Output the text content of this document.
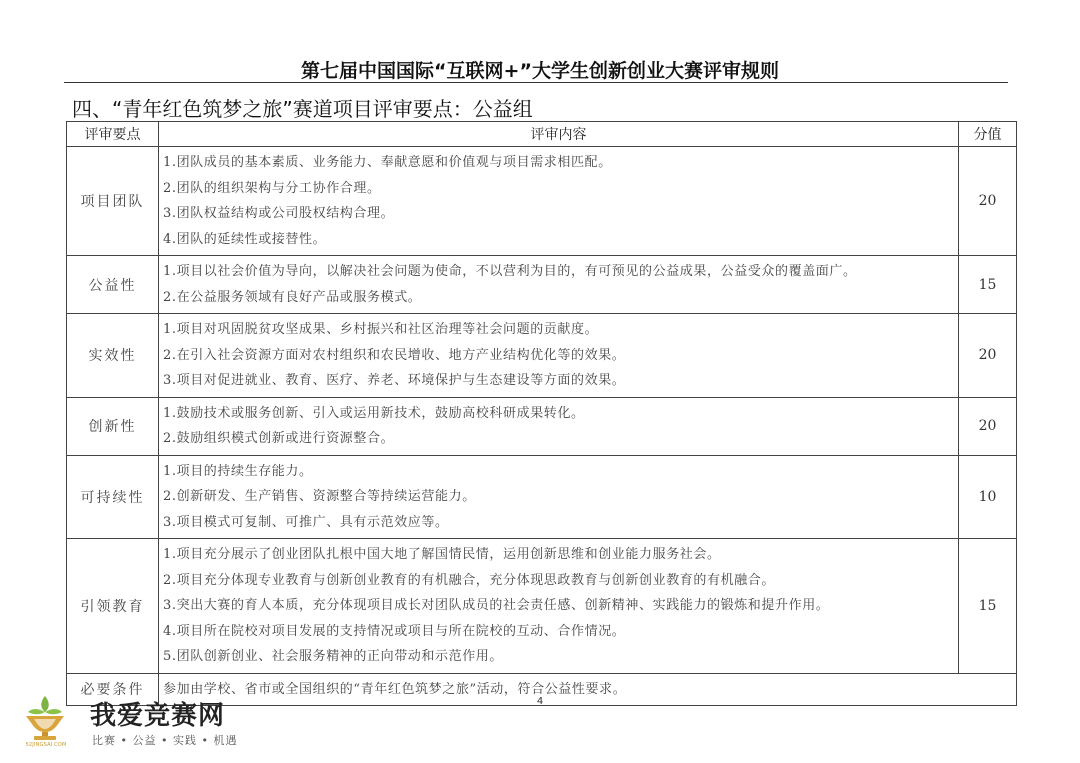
第七届中国国际“互联网+”大学生创新创业大赛评审规则
四、“青年红色筑梦之旅”赛道项目评审要点：公益组
评审要点	评审内容	分值
项目团队	1.团队成员的基本素质、业务能力、奉献意愿和价值观与项目需求相匹配。
2.团队的组织架构与分工协作合理。
3.团队权益结构或公司股权结构合理。
4.团队的延续性或接替性。	20
公益性	1.项目以社会价值为导向，以解决社会问题为使命，不以营利为目的，有可预见的公益成果，公益受众的覆盖面广。
2.在公益服务领域有良好产品或服务模式。	15
实效性	1.项目对巩固脱贫攻坚成果、乡村振兴和社区治理等社会问题的贡献度。
2.在引入社会资源方面对农村组织和农民增收、地方产业结构优化等的效果。
3.项目对促进就业、教育、医疗、养老、环境保护与生态建设等方面的效果。	20
创新性	1.鼓励技术或服务创新、引入或运用新技术，鼓励高校科研成果转化。
2.鼓励组织模式创新或进行资源整合。	20
可持续性	1.项目的持续生存能力。
2.创新研发、生产销售、资源整合等持续运营能力。
3.项目模式可复制、可推广、具有示范效应等。	10
引领教育	1.项目充分展示了创业团队扎根中国大地了解国情民情，运用创新思维和创业能力服务社会。
2.项目充分体现专业教育与创新创业教育的有机融合，充分体现思政教育与创新创业教育的有机融合。
3.突出大赛的育人本质，充分体现项目成长对团队成员的社会责任感、创新精神、实践能力的锻炼和提升作用。
4.项目所在院校对项目发展的支持情况或项目与所在院校的互动、合作情况。
5.团队创新创业、社会服务精神的正向带动和示范作用。	15
必要条件	参加由学校、省市或全国组织的“青年红色筑梦之旅”活动，符合公益性要求。	
4
52JINGSAI.COM
我爱竞赛网
比赛 • 公益 • 实践 • 机遇
